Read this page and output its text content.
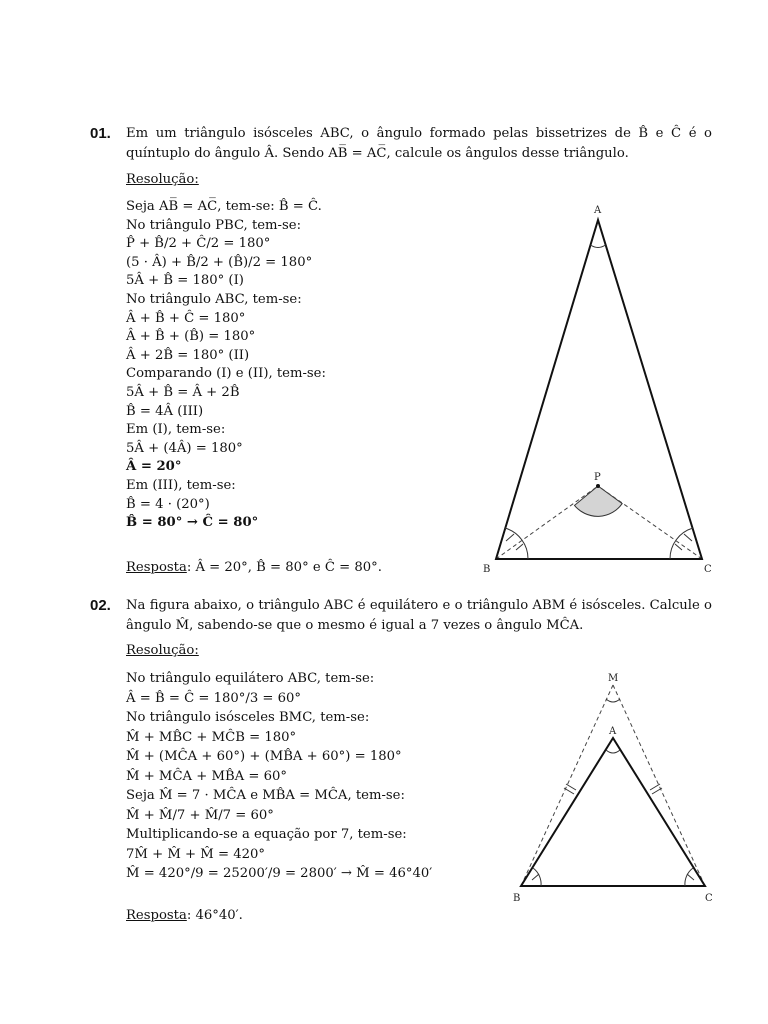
01. Em um triângulo isósceles ABC, o ângulo formado pelas bissetrizes de B̂ e Ĉ é o quíntuplo do ângulo Â. Sendo AB̅ = AC̅, calcule os ângulos desse triângulo.
Resolução:
Seja AB̅ = AC̅, tem-se: B̂ = Ĉ.
No triângulo PBC, tem-se:
P̂ + B̂/2 + Ĉ/2 = 180°
(5 · Â) + B̂/2 + (B̂)/2 = 180°
5Â + B̂ = 180° (I)
No triângulo ABC, tem-se:
Â + B̂ + Ĉ = 180°
Â + B̂ + (B̂) = 180°
Â + 2B̂ = 180° (II)
Comparando (I) e (II), tem-se:
5Â + B̂ = Â + 2B̂
B̂ = 4Â (III)
Em (I), tem-se:
5Â + (4Â) = 180°
Â = 20°
Em (III), tem-se:
B̂ = 4 · (20°)
B̂ = 80° → Ĉ = 80°
Resposta: Â = 20°, B̂ = 80° e Ĉ = 80°.
A
B	C
P
02. Na figura abaixo, o triângulo ABC é equilátero e o triângulo ABM é isósceles. Calcule o ângulo M̂, sabendo-se que o mesmo é igual a 7 vezes o ângulo MĈA.
Resolução:
No triângulo equilátero ABC, tem-se:
Â = B̂ = Ĉ = 180°/3 = 60°
No triângulo isósceles BMC, tem-se:
M̂ + MB̂C + MĈB = 180°
M̂ + (MĈA + 60°) + (MB̂A + 60°) = 180°
M̂ + MĈA + MB̂A = 60°
Seja M̂ = 7 · MĈA e MB̂A = MĈA, tem-se:
M̂ + M̂/7 + M̂/7 = 60°
Multiplicando-se a equação por 7, tem-se:
7M̂ + M̂ + M̂ = 420°
M̂ = 420°/9 = 25200′/9 = 2800′ → M̂ = 46°40′
Resposta: 46°40′.
M
A
B	C
